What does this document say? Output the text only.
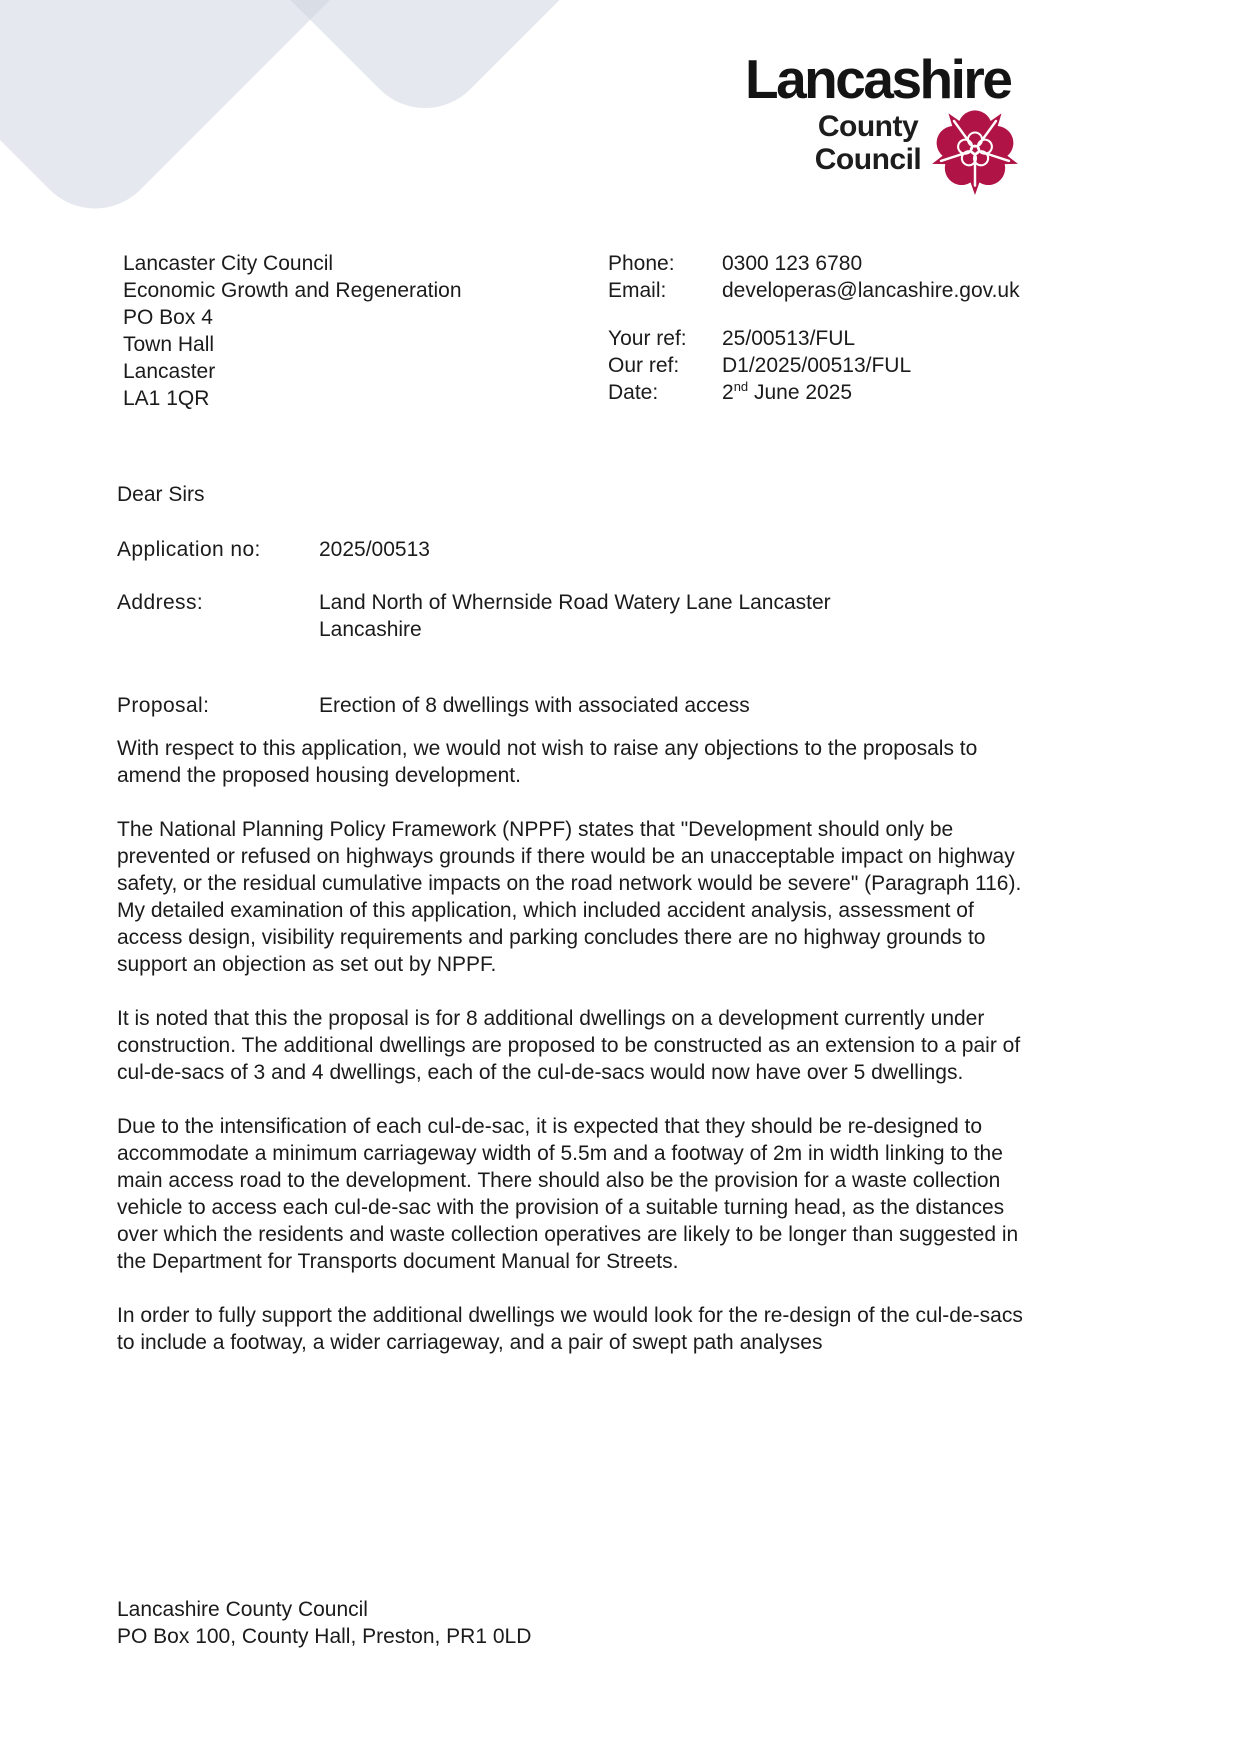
Lancashire
County
Council
Lancaster City Council
Economic Growth and Regeneration
PO Box 4
Town Hall
Lancaster
LA1 1QR
Phone:	0300 123 6780
Email:	developeras@lancashire.gov.uk
Your ref:	25/00513/FUL
Our ref:	D1/2025/00513/FUL
Date:	2nd June 2025
Dear Sirs
Application no:	2025/00513
Address:	Land North of Whernside Road Watery Lane Lancaster Lancashire
Proposal:	Erection of 8 dwellings with associated access

With respect to this application, we would not wish to raise any objections to the proposals to amend the proposed housing development.

The National Planning Policy Framework (NPPF) states that "Development should only be prevented or refused on highways grounds if there would be an unacceptable impact on highway safety, or the residual cumulative impacts on the road network would be severe" (Paragraph 116). My detailed examination of this application, which included accident analysis, assessment of access design, visibility requirements and parking concludes there are no highway grounds to support an objection as set out by NPPF.

It is noted that this the proposal is for 8 additional dwellings on a development currently under construction. The additional dwellings are proposed to be constructed as an extension to a pair of cul-de-sacs of 3 and 4 dwellings, each of the cul-de-sacs would now have over 5 dwellings.

Due to the intensification of each cul-de-sac, it is expected that they should be re-designed to accommodate a minimum carriageway width of 5.5m and a footway of 2m in width linking to the main access road to the development. There should also be the provision for a waste collection vehicle to access each cul-de-sac with the provision of a suitable turning head, as the distances over which the residents and waste collection operatives are likely to be longer than suggested in the Department for Transports document Manual for Streets.

In order to fully support the additional dwellings we would look for the re-design of the cul-de-sacs to include a footway, a wider carriageway, and a pair of swept path analyses

Lancashire County Council
PO Box 100, County Hall, Preston, PR1 0LD
